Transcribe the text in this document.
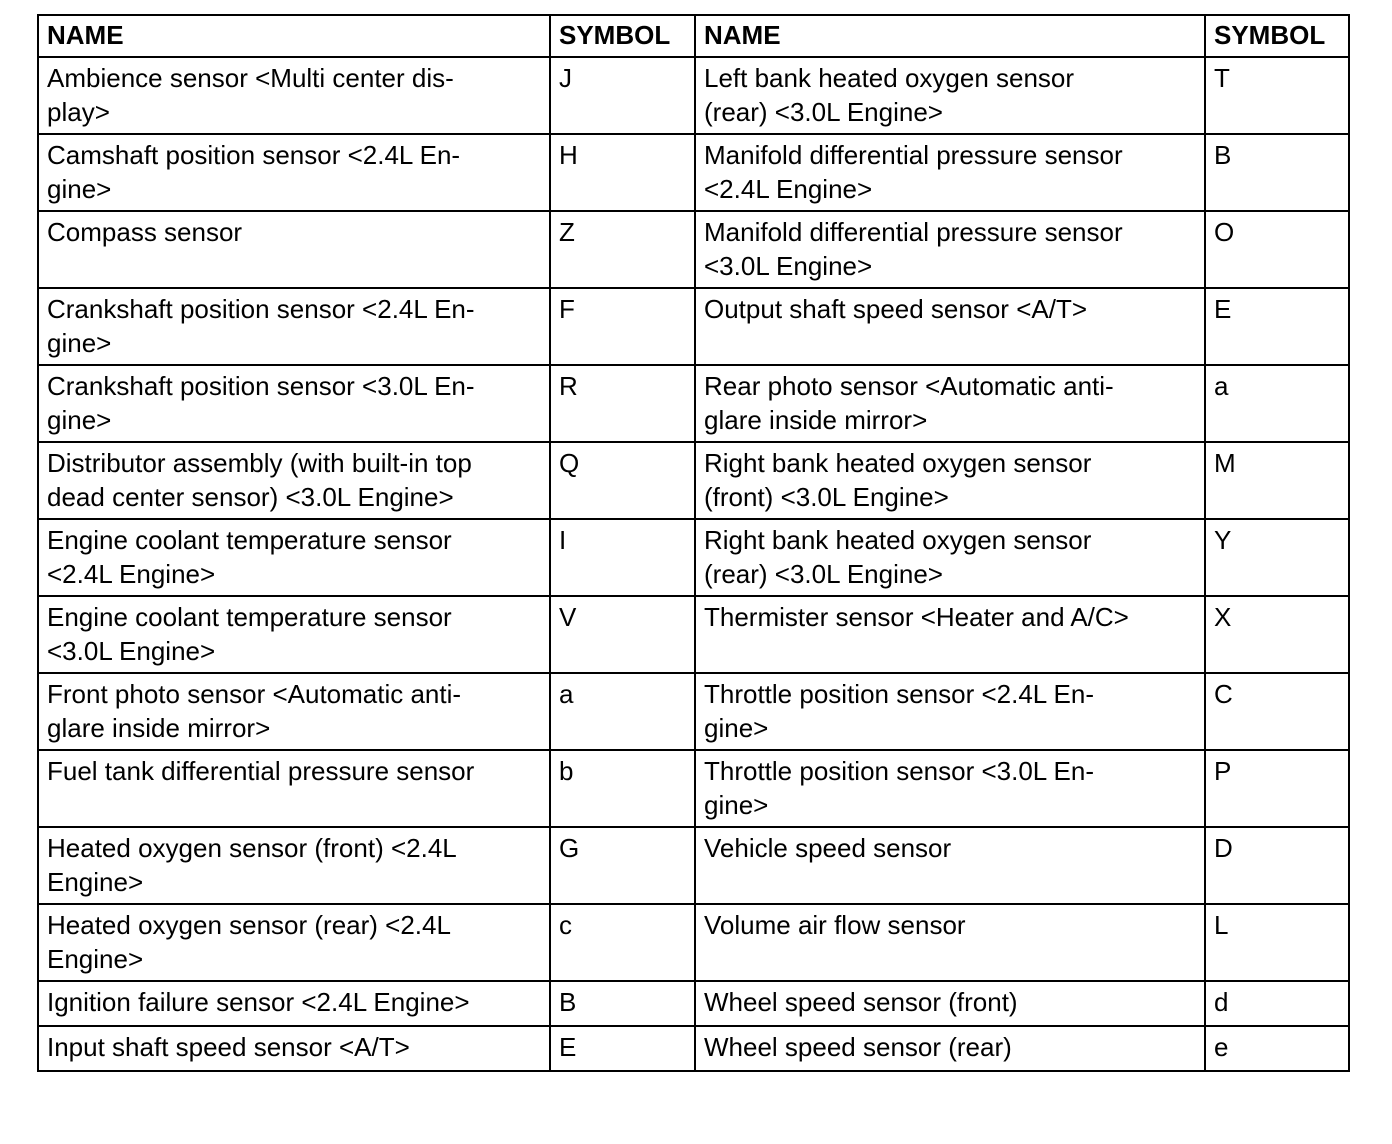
NAME	SYMBOL	NAME	SYMBOL

Ambience sensor <Multi center dis-
play>	J	Left bank heated oxygen sensor
(rear) <3.0L Engine>	T

Camshaft position sensor <2.4L En-
gine>	H	Manifold differential pressure sensor
<2.4L Engine>	B

Compass sensor	Z	Manifold differential pressure sensor
<3.0L Engine>	O

Crankshaft position sensor <2.4L En-
gine>	F	Output shaft speed sensor <A/T>	E

Crankshaft position sensor <3.0L En-
gine>	R	Rear photo sensor <Automatic anti-
glare inside mirror>	a

Distributor assembly (with built-in top
dead center sensor) <3.0L Engine>	Q	Right bank heated oxygen sensor
(front) <3.0L Engine>	M

Engine coolant temperature sensor
<2.4L Engine>	I	Right bank heated oxygen sensor
(rear) <3.0L Engine>	Y

Engine coolant temperature sensor
<3.0L Engine>	V	Thermister sensor <Heater and A/C>	X

Front photo sensor <Automatic anti-
glare inside mirror>	a	Throttle position sensor <2.4L En-
gine>	C

Fuel tank differential pressure sensor	b	Throttle position sensor <3.0L En-
gine>	P

Heated oxygen sensor (front) <2.4L
Engine>	G	Vehicle speed sensor	D

Heated oxygen sensor (rear) <2.4L
Engine>	c	Volume air flow sensor	L

Ignition failure sensor <2.4L Engine>	B	Wheel speed sensor (front)	d

Input shaft speed sensor <A/T>	E	Wheel speed sensor (rear)	e
